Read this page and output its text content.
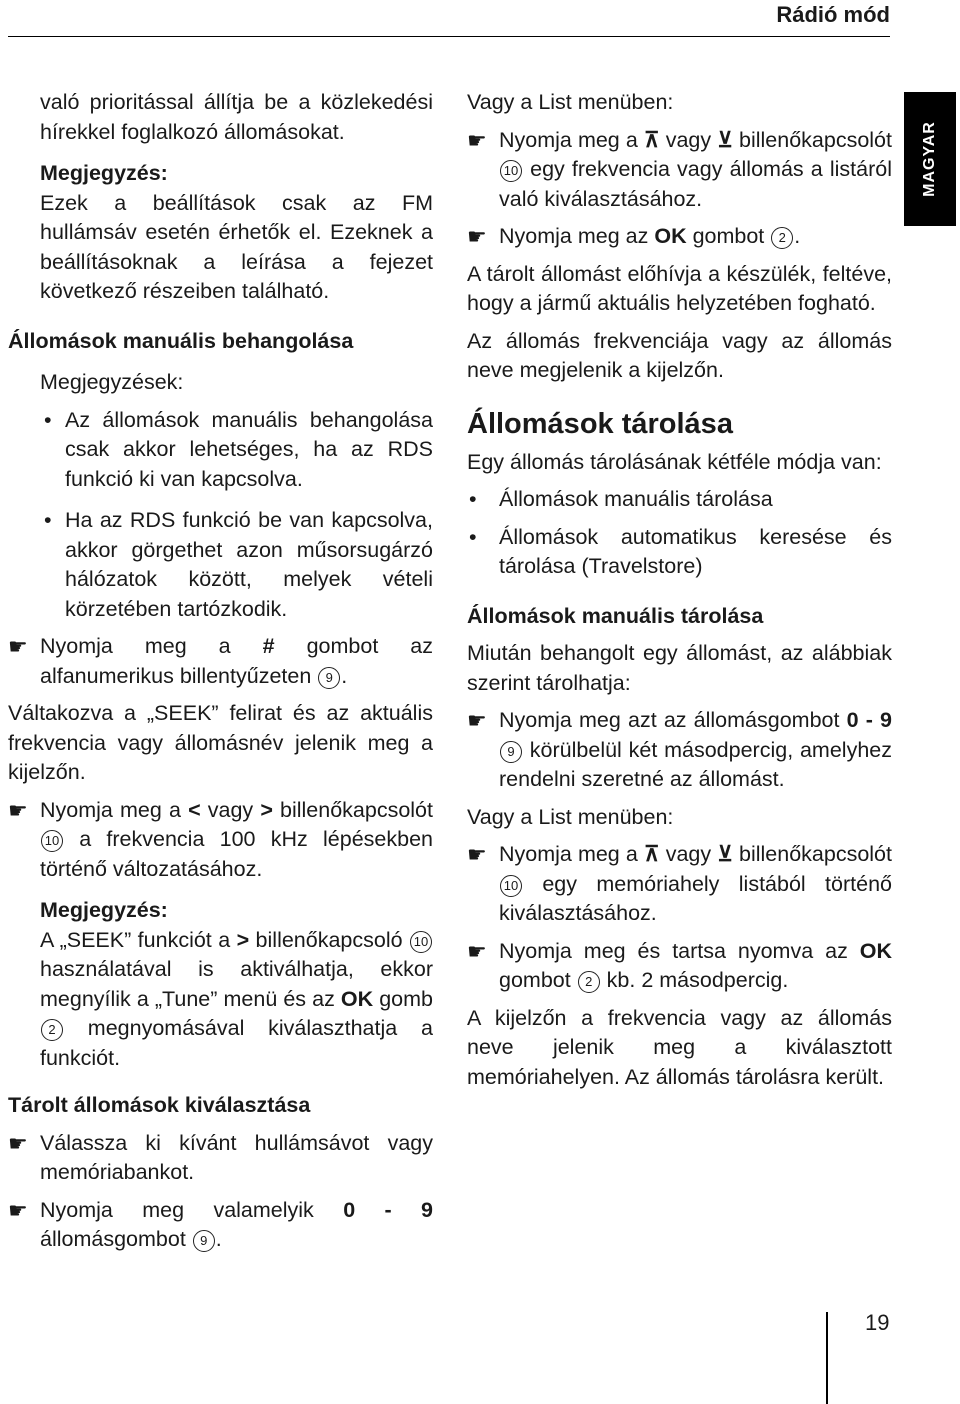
Rádió mód
MAGYAR

való prioritással állítja be a közlekedési hírekkel foglalkozó állomásokat.

Megjegyzés:

Ezek a beállítások csak az FM hullámsáv esetén érhetők el. Ezeknek a beállításoknak a leírása a fejezet következő részeiben található.

Állomások manuális behangolása

Megjegyzések:

• Az állomások manuális behangolása csak akkor lehetséges, ha az RDS funkció ki van kapcsolva.

• Ha az RDS funkció be van kapcsolva, akkor görgethet azon műsorsugárzó hálózatok között, melyek vételi körzetében tartózkodik.

☛ Nyomja meg a # gombot az alfanumerikus billentyűzeten 9 .

Váltakozva a „SEEK” felirat és az aktuális frekvencia vagy állomásnév jelenik meg a kijelzőn.

☛ Nyomja meg a < vagy > billenőkapcsolót 10 a frekvencia 100 kHz lépésekben történő változatásához.

Megjegyzés:

A „SEEK” funkciót a > billenőkapcsoló 10 használatával is aktiválhatja, ekkor megnyílik a „Tune” menü és az OK gomb2 megnyomásával kiválaszthatja a funkciót.

Tárolt állomások kiválasztása

☛ Válassza ki kívánt hullámsávot vagy memóriabankot.
☛ Nyomja meg valamelyik 0 - 9 állomásgombot 9 .

Vagy a List menüben:

☛ Nyomja meg a ⊼ vagy ⊻ billenőkapcsolót 10 egy frekvencia vagy állomás a listáról való kiválasztásához.
☛ Nyomja meg az OK gombot 2 .

A tárolt állomást előhívja a készülék, feltéve, hogy a jármű aktuális helyzetében fogható.

Az állomás frekvenciája vagy az állomás neve megjelenik a kijelzőn.

Állomások tárolása

Egy állomás tárolásának kétféle módja van:

• Állomások manuális tárolása

• Állomások automatikus keresése és tárolása (Travelstore)

Állomások manuális tárolása

Miután behangolt egy állomást, az alábbiak szerint tárolhatja:

☛ Nyomja meg azt az állomásgombot 0 - 9 9 körülbelül két másodpercig, amelyhez rendelni szeretné az állomást.

Vagy a List menüben:

☛ Nyomja meg a ⊼ vagy ⊻ billenőkapcsolót 10 egy memóriahely listából történő kiválasztásához.
☛ Nyomja meg és tartsa nyomva az OK gombot 2 kb. 2 másodpercig.

A kijelzőn a frekvencia vagy az állomás neve jelenik meg a kiválasztott memóriahelyen. Az állomás tárolásra került.

19
